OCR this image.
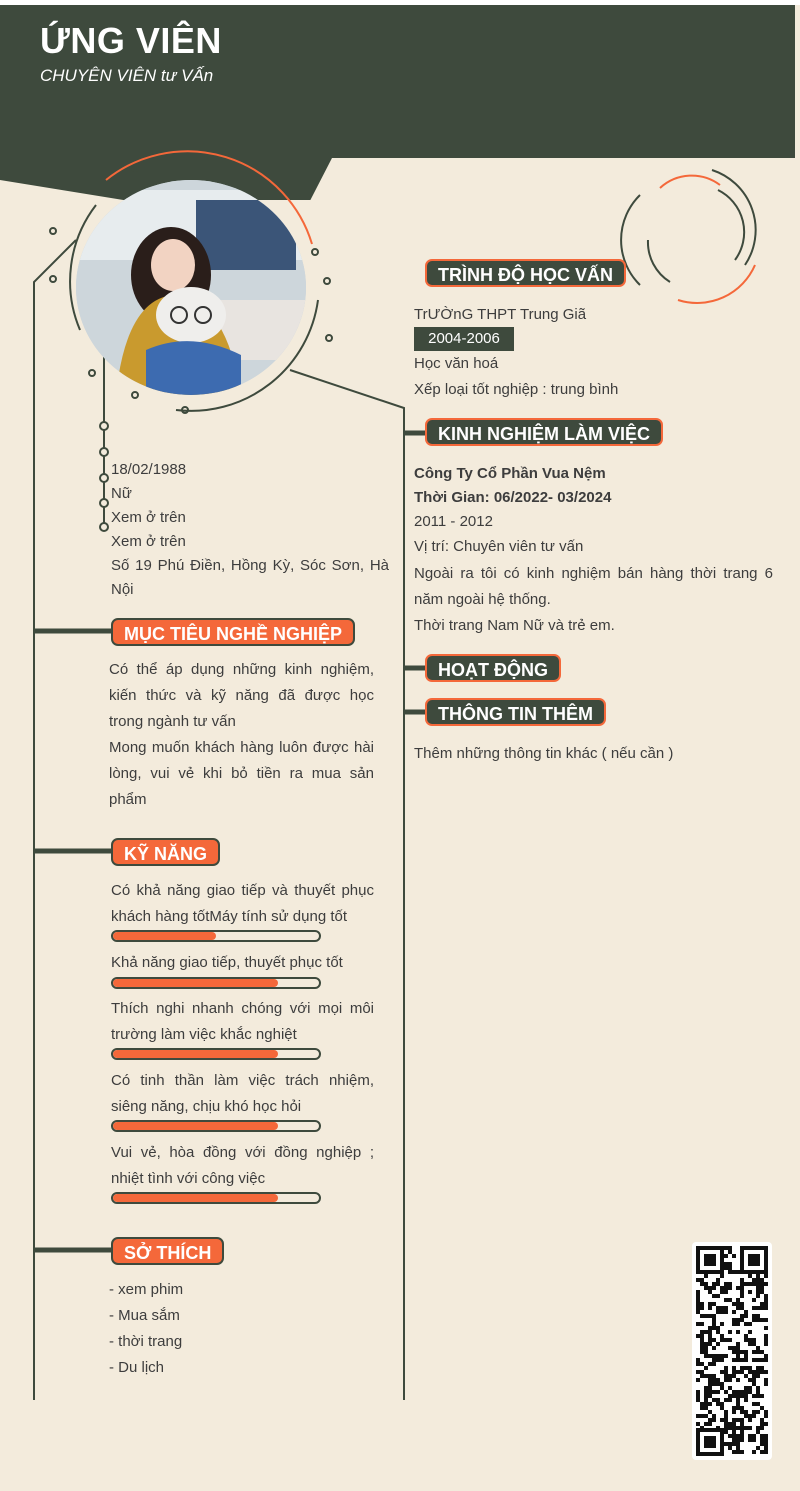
ỨNG VIÊN
CHUYÊN VIÊN tư VẤn
18/02/1988
Nữ
Xem ở trên
Xem ở trên
Số 19 Phú Điền, Hồng Kỳ, Sóc Sơn, Hà Nội
MỤC TIÊU NGHỀ NGHIỆP

Có thể áp dụng những kinh nghiệm, kiến thức và kỹ năng đã được học trong ngành tư vấn

Mong muốn khách hàng luôn được hài lòng, vui vẻ khi bỏ tiền ra mua sản phẩm

KỸ NĂNG

Có khả năng giao tiếp và thuyết phục khách hàng tốtMáy tính sử dụng tốt

Khả năng giao tiếp, thuyết phục tốt

Thích nghi nhanh chóng với mọi môi trường làm việc khắc nghiệt

Có tinh thần làm việc trách nhiệm, siêng năng, chịu khó học hỏi

Vui vẻ, hòa đồng với đồng nghiệp ; nhiệt tình với công việc

SỞ THÍCH

- xem phim

- Mua sắm

- thời trang

- Du lịch

TRÌNH ĐỘ HỌC VẤN
TrƯỜnG THPT Trung Giã
2004-2006
Học văn hoá
Xếp loại tốt nghiệp : trung bình
KINH NGHIỆM LÀM VIỆC
Công Ty Cổ Phần Vua Nệm
Thời Gian: 06/2022- 03/2024
2011 - 2012
Vị trí: Chuyên viên tư vấn
Ngoài ra tôi có kinh nghiệm bán hàng thời trang 6 năm ngoài hệ thống.
Thời trang Nam Nữ và trẻ em.
HOẠT ĐỘNG
THÔNG TIN THÊM
Thêm những thông tin khác ( nếu cần )
